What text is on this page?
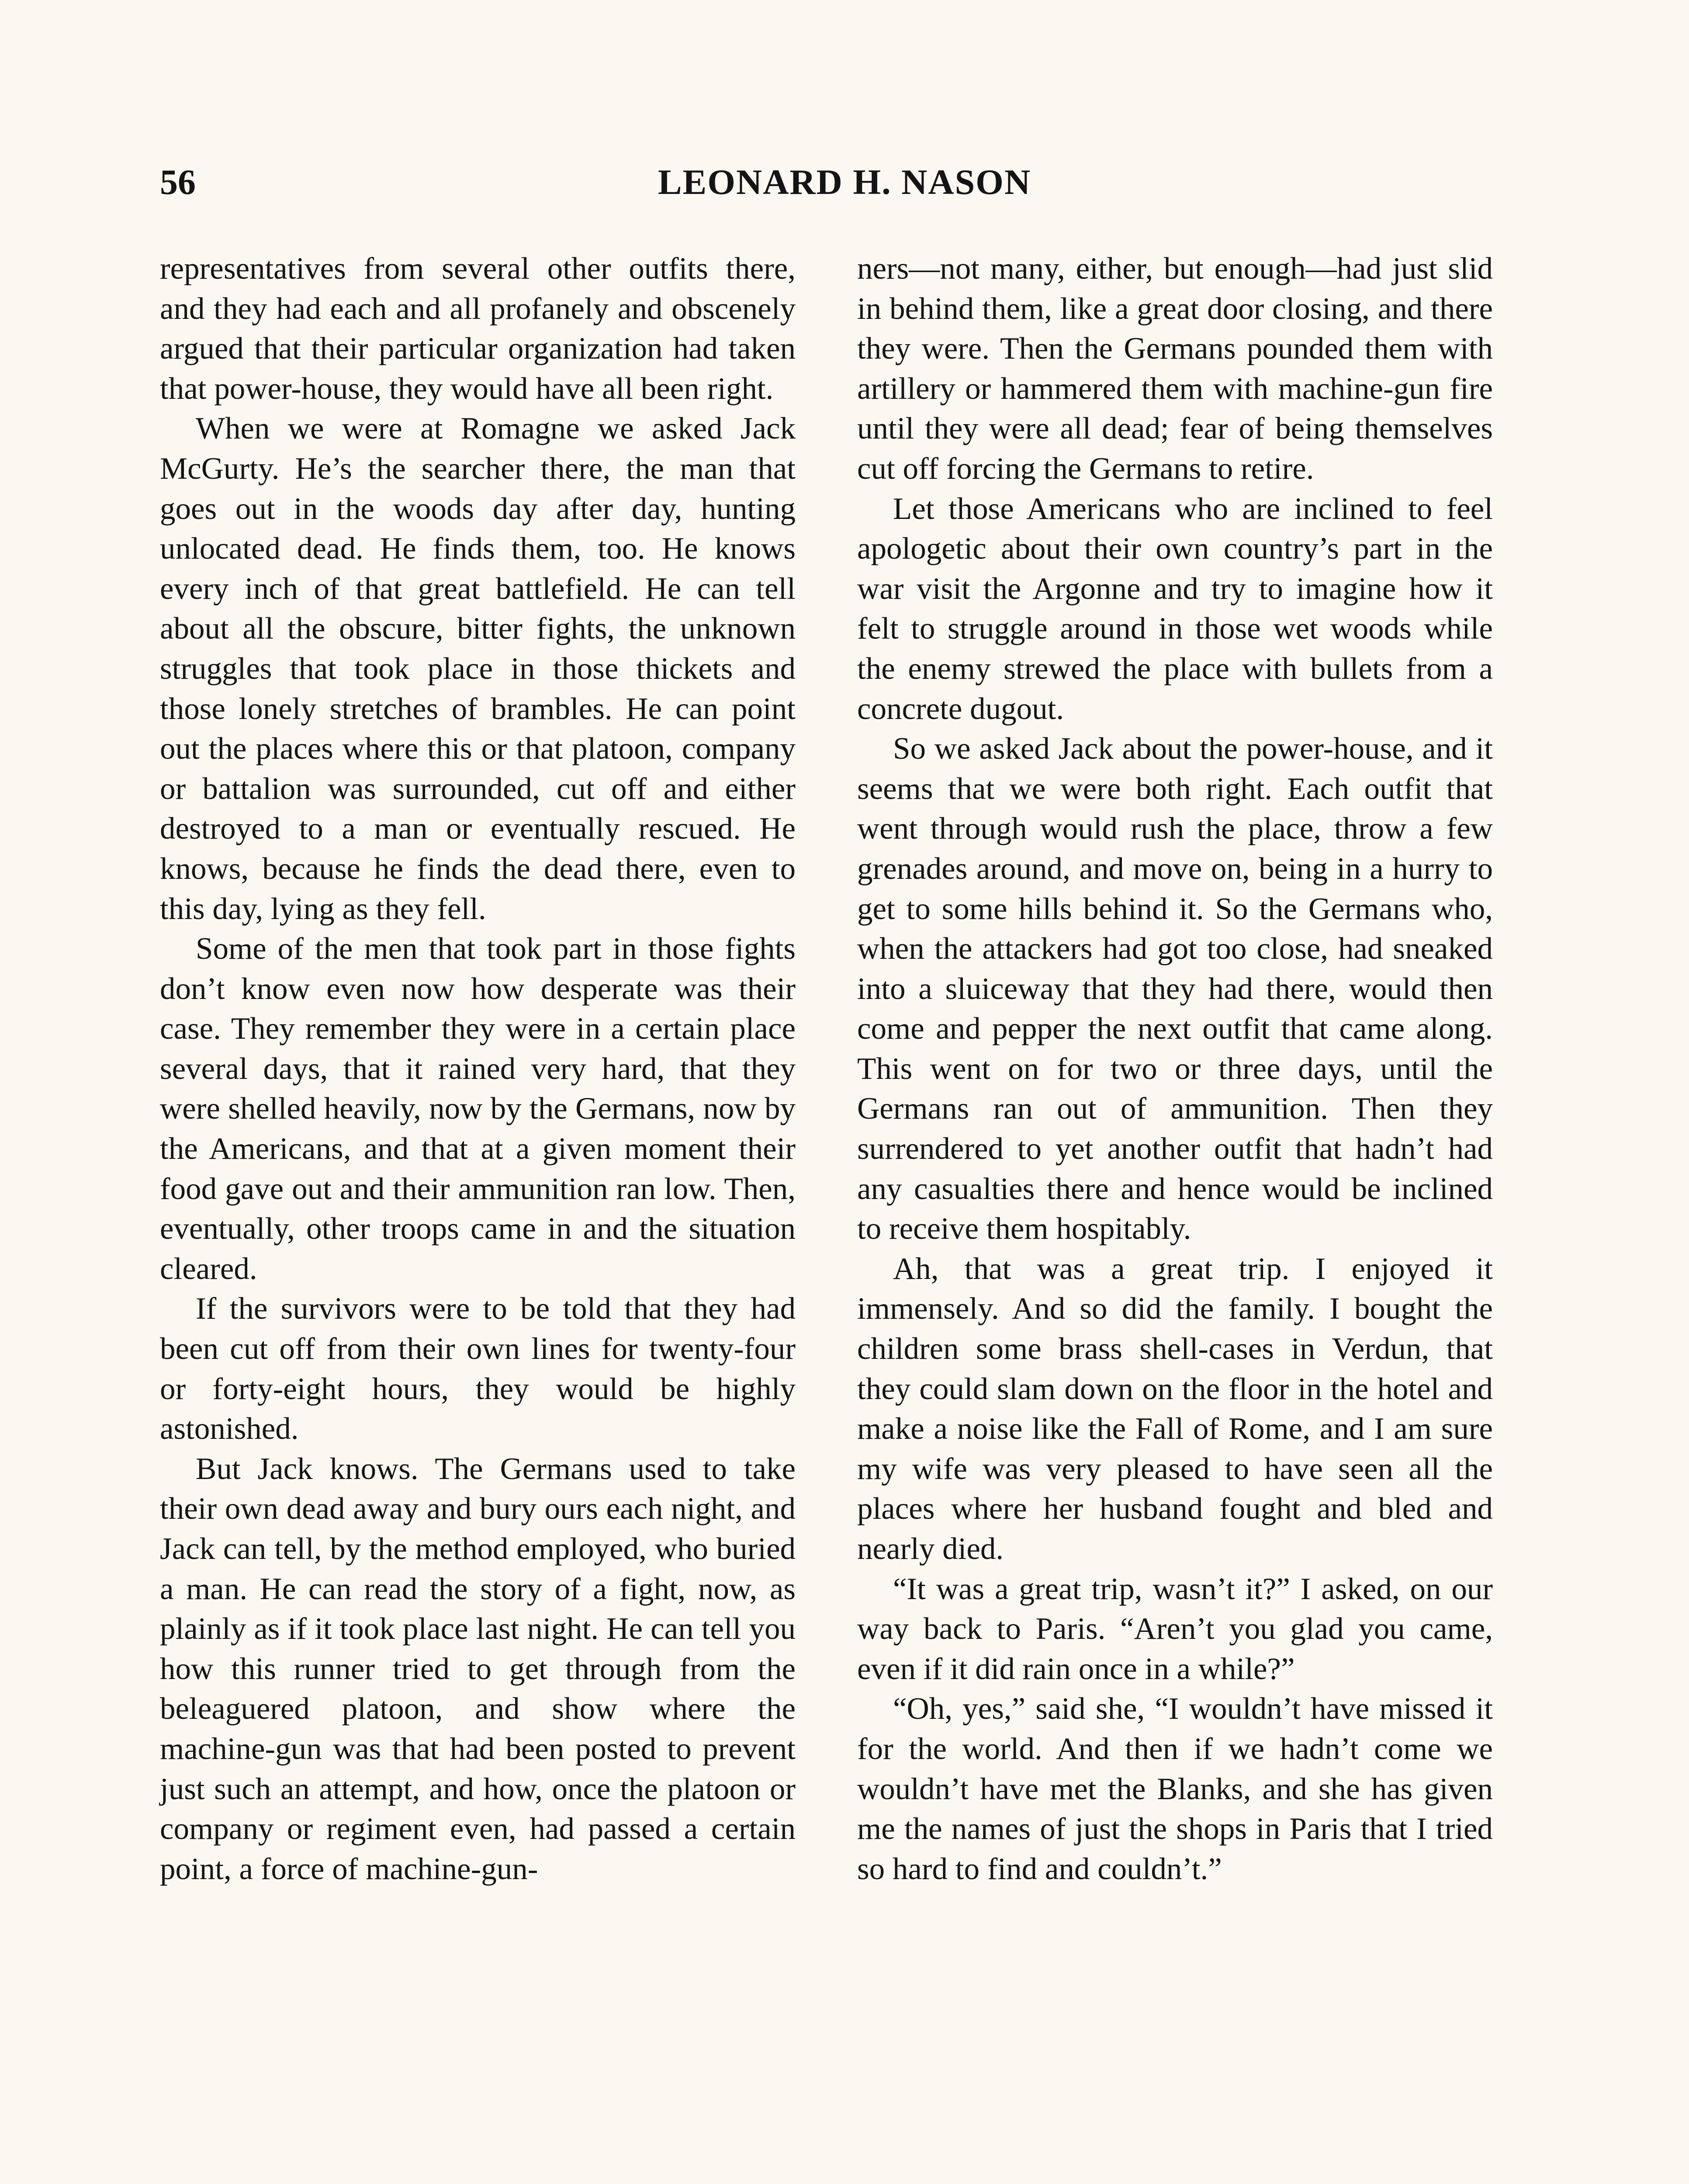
56	LEONARD H. NASON

representatives from several other outfits there, and they had each and all profanely and obscenely argued that their particular organization had taken that power-house, they would have all been right.

When we were at Romagne we asked Jack McGurty. He’s the searcher there, the man that goes out in the woods day after day, hunting unlocated dead. He finds them, too. He knows every inch of that great battlefield. He can tell about all the obscure, bitter fights, the unknown struggles that took place in those thickets and those lonely stretches of brambles. He can point out the places where this or that platoon, company or battalion was surrounded, cut off and either destroyed to a man or eventually rescued. He knows, because he finds the dead there, even to this day, lying as they fell.

Some of the men that took part in those fights don’t know even now how desperate was their case. They remember they were in a certain place several days, that it rained very hard, that they were shelled heavily, now by the Germans, now by the Americans, and that at a given moment their food gave out and their ammunition ran low. Then, eventually, other troops came in and the situation cleared.

If the survivors were to be told that they had been cut off from their own lines for twenty-four or forty-eight hours, they would be highly astonished.

But Jack knows. The Germans used to take their own dead away and bury ours each night, and Jack can tell, by the method employed, who buried a man. He can read the story of a fight, now, as plainly as if it took place last night. He can tell you how this runner tried to get through from the beleaguered platoon, and show where the machine-gun was that had been posted to prevent just such an attempt, and how, once the platoon or company or regiment even, had passed a certain point, a force of machine-gun-

ners—not many, either, but enough—had just slid in behind them, like a great door closing, and there they were. Then the Germans pounded them with artillery or hammered them with machine-gun fire until they were all dead; fear of being themselves cut off forcing the Germans to retire.

Let those Americans who are inclined to feel apologetic about their own country’s part in the war visit the Argonne and try to imagine how it felt to struggle around in those wet woods while the enemy strewed the place with bullets from a concrete dugout.

So we asked Jack about the power-house, and it seems that we were both right. Each outfit that went through would rush the place, throw a few grenades around, and move on, being in a hurry to get to some hills behind it. So the Germans who, when the attackers had got too close, had sneaked into a sluiceway that they had there, would then come and pepper the next outfit that came along. This went on for two or three days, until the Germans ran out of ammunition. Then they surrendered to yet another outfit that hadn’t had any casualties there and hence would be inclined to receive them hospitably.

Ah, that was a great trip. I enjoyed it immensely. And so did the family. I bought the children some brass shell-cases in Verdun, that they could slam down on the floor in the hotel and make a noise like the Fall of Rome, and I am sure my wife was very pleased to have seen all the places where her husband fought and bled and nearly died.

“It was a great trip, wasn’t it?” I asked, on our way back to Paris. “Aren’t you glad you came, even if it did rain once in a while?”

“Oh, yes,” said she, “I wouldn’t have missed it for the world. And then if we hadn’t come we wouldn’t have met the Blanks, and she has given me the names of just the shops in Paris that I tried so hard to find and couldn’t.”
